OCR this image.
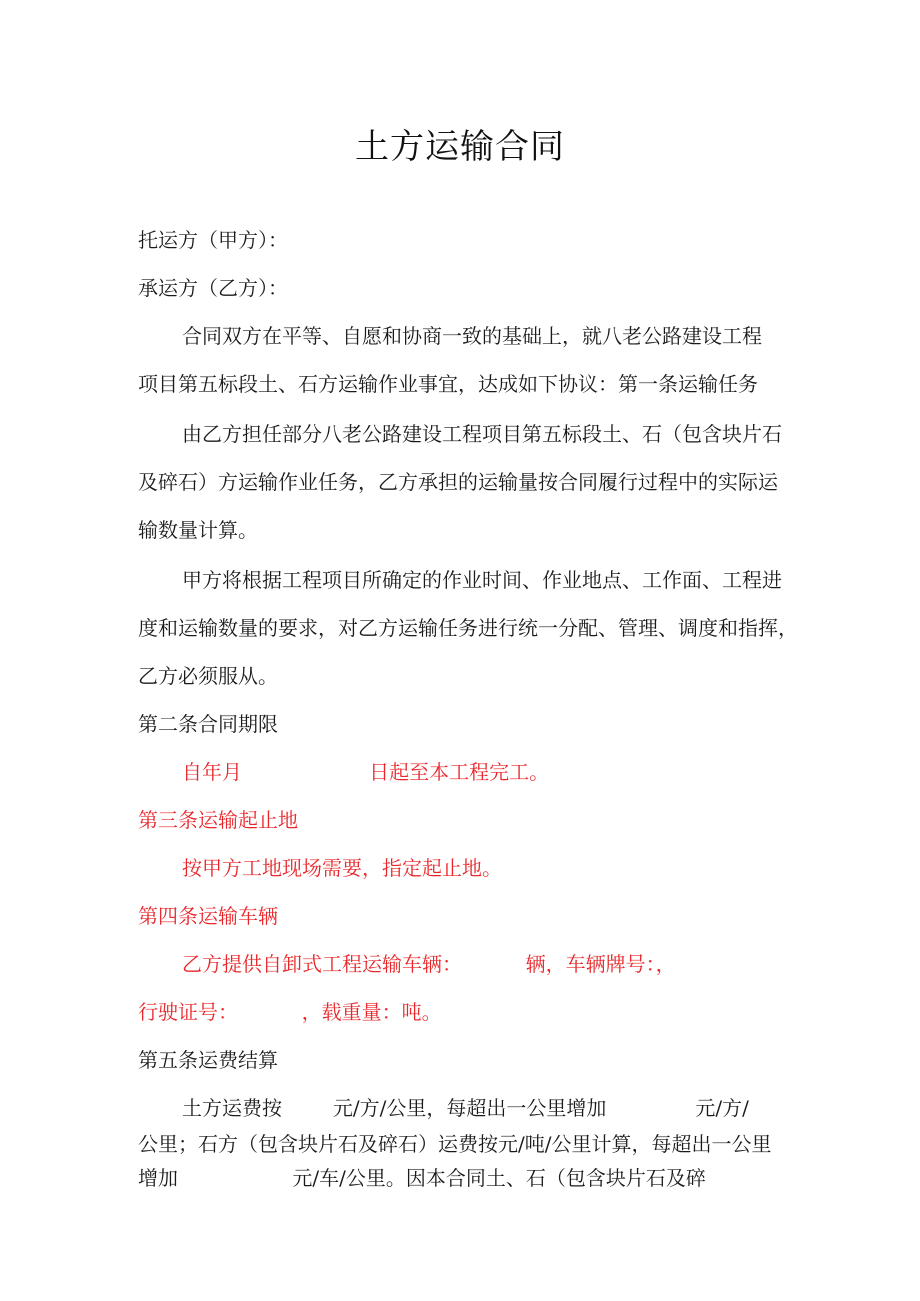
土方运输合同
托运方（甲方）：
承运方（乙方）：
合同双方在平等、自愿和协商一致的基础上，就八老公路建设工程
项目第五标段土、石方运输作业事宜，达成如下协议：第一条运输任务
由乙方担任部分八老公路建设工程项目第五标段土、石（包含块片石
及碎石）方运输作业任务，乙方承担的运输量按合同履行过程中的实际运
输数量计算。
甲方将根据工程项目所确定的作业时间、作业地点、工作面、工程进
度和运输数量的要求，对乙方运输任务进行统一分配、管理、调度和指挥，
乙方必须服从。
第二条合同期限
自年月                    日起至本工程完工。
第三条运输起止地
按甲方工地现场需要，指定起止地。
第四条运输车辆
乙方提供自卸式工程运输车辆：          辆，车辆牌号：，
行驶证号：          ，载重量：吨。
第五条运费结算
土方运费按        元/方/公里，每超出一公里增加              元/方/
公里；石方（包含块片石及碎石）运费按元/吨/公里计算，每超出一公里
增加                  元/车/公里。因本合同土、石（包含块片石及碎
